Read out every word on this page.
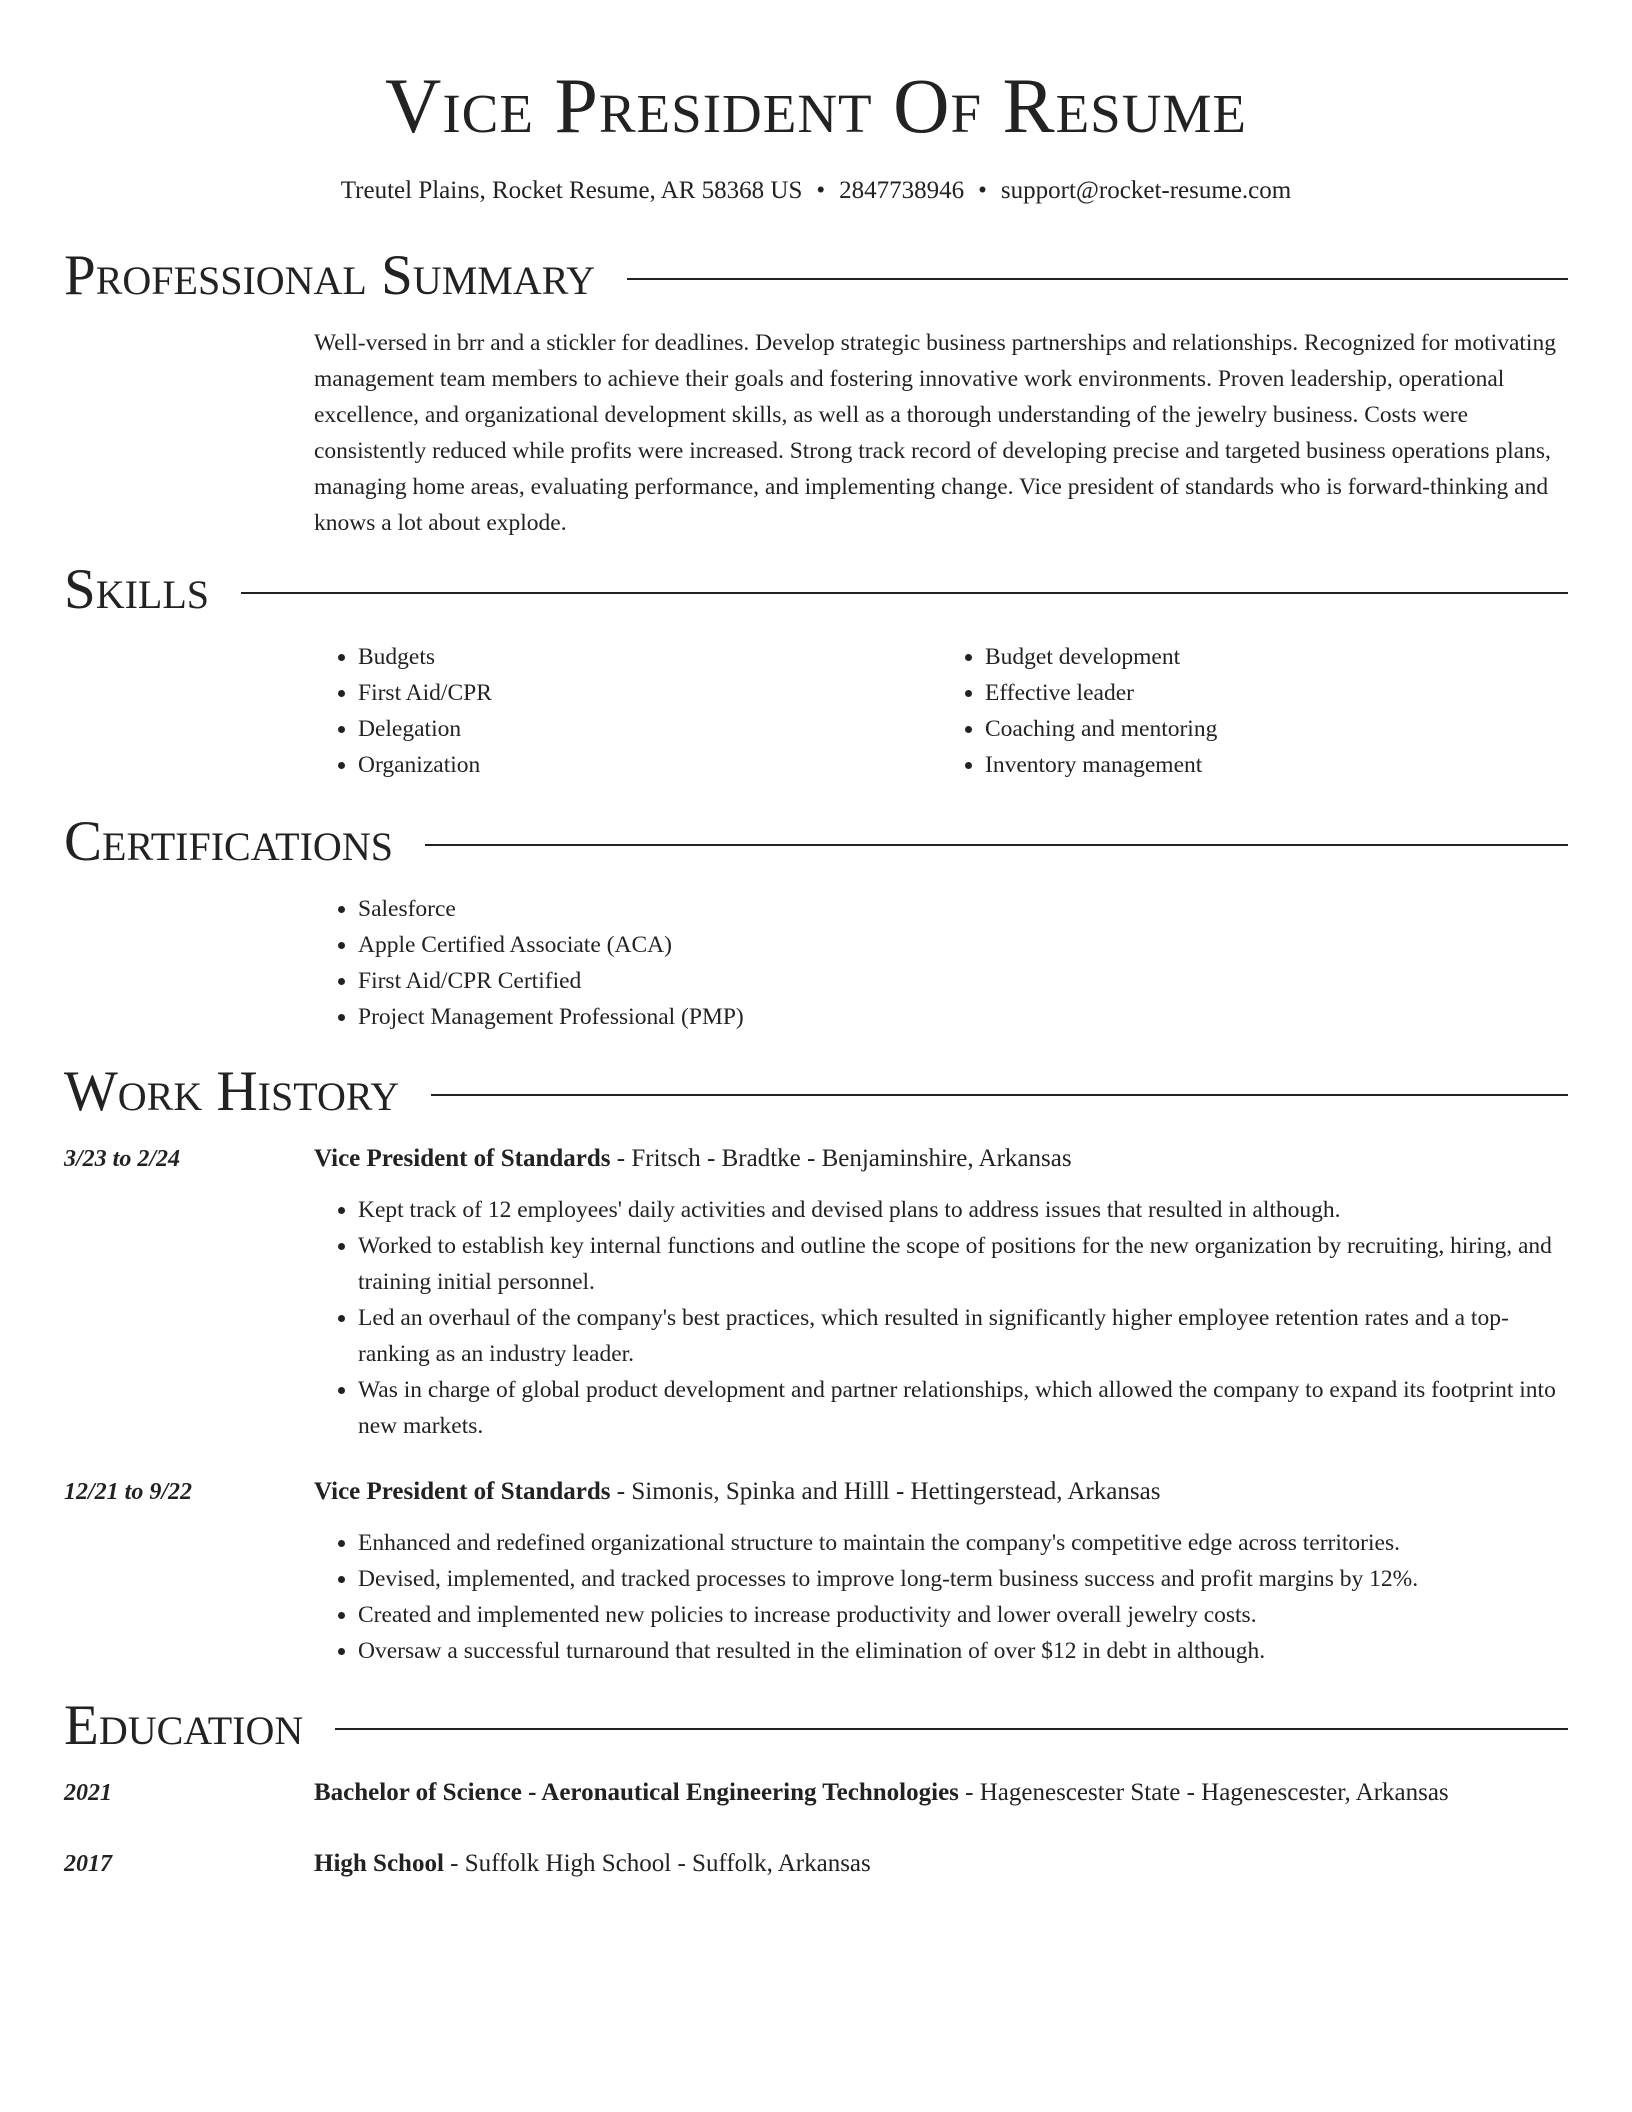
Vice President Of Resume
Treutel Plains, Rocket Resume, AR 58368 US • 2847738946 • support@rocket-resume.com
Professional Summary
Well-versed in brr and a stickler for deadlines. Develop strategic business partnerships and relationships. Recognized for motivating management team members to achieve their goals and fostering innovative work environments. Proven leadership, operational excellence, and organizational development skills, as well as a thorough understanding of the jewelry business. Costs were consistently reduced while profits were increased. Strong track record of developing precise and targeted business operations plans, managing home areas, evaluating performance, and implementing change. Vice president of standards who is forward-thinking and knows a lot about explode.
Skills
• Budgets
• First Aid/CPR
• Delegation
• Organization
• Budget development
• Effective leader
• Coaching and mentoring
• Inventory management
Certifications
• Salesforce
• Apple Certified Associate (ACA)
• First Aid/CPR Certified
• Project Management Professional (PMP)
Work History
3/23 to 2/24	Vice President of Standards - Fritsch - Bradtke - Benjaminshire, Arkansas
• Kept track of 12 employees' daily activities and devised plans to address issues that resulted in although.
• Worked to establish key internal functions and outline the scope of positions for the new organization by recruiting, hiring, and training initial personnel.
• Led an overhaul of the company's best practices, which resulted in significantly higher employee retention rates and a top-ranking as an industry leader.
• Was in charge of global product development and partner relationships, which allowed the company to expand its footprint into new markets.
12/21 to 9/22	Vice President of Standards - Simonis, Spinka and Hilll - Hettingerstead, Arkansas
• Enhanced and redefined organizational structure to maintain the company's competitive edge across territories.
• Devised, implemented, and tracked processes to improve long-term business success and profit margins by 12%.
• Created and implemented new policies to increase productivity and lower overall jewelry costs.
• Oversaw a successful turnaround that resulted in the elimination of over $12 in debt in although.
Education
2021	Bachelor of Science - Aeronautical Engineering Technologies - Hagenescester State - Hagenescester, Arkansas
2017	High School - Suffolk High School - Suffolk, Arkansas
